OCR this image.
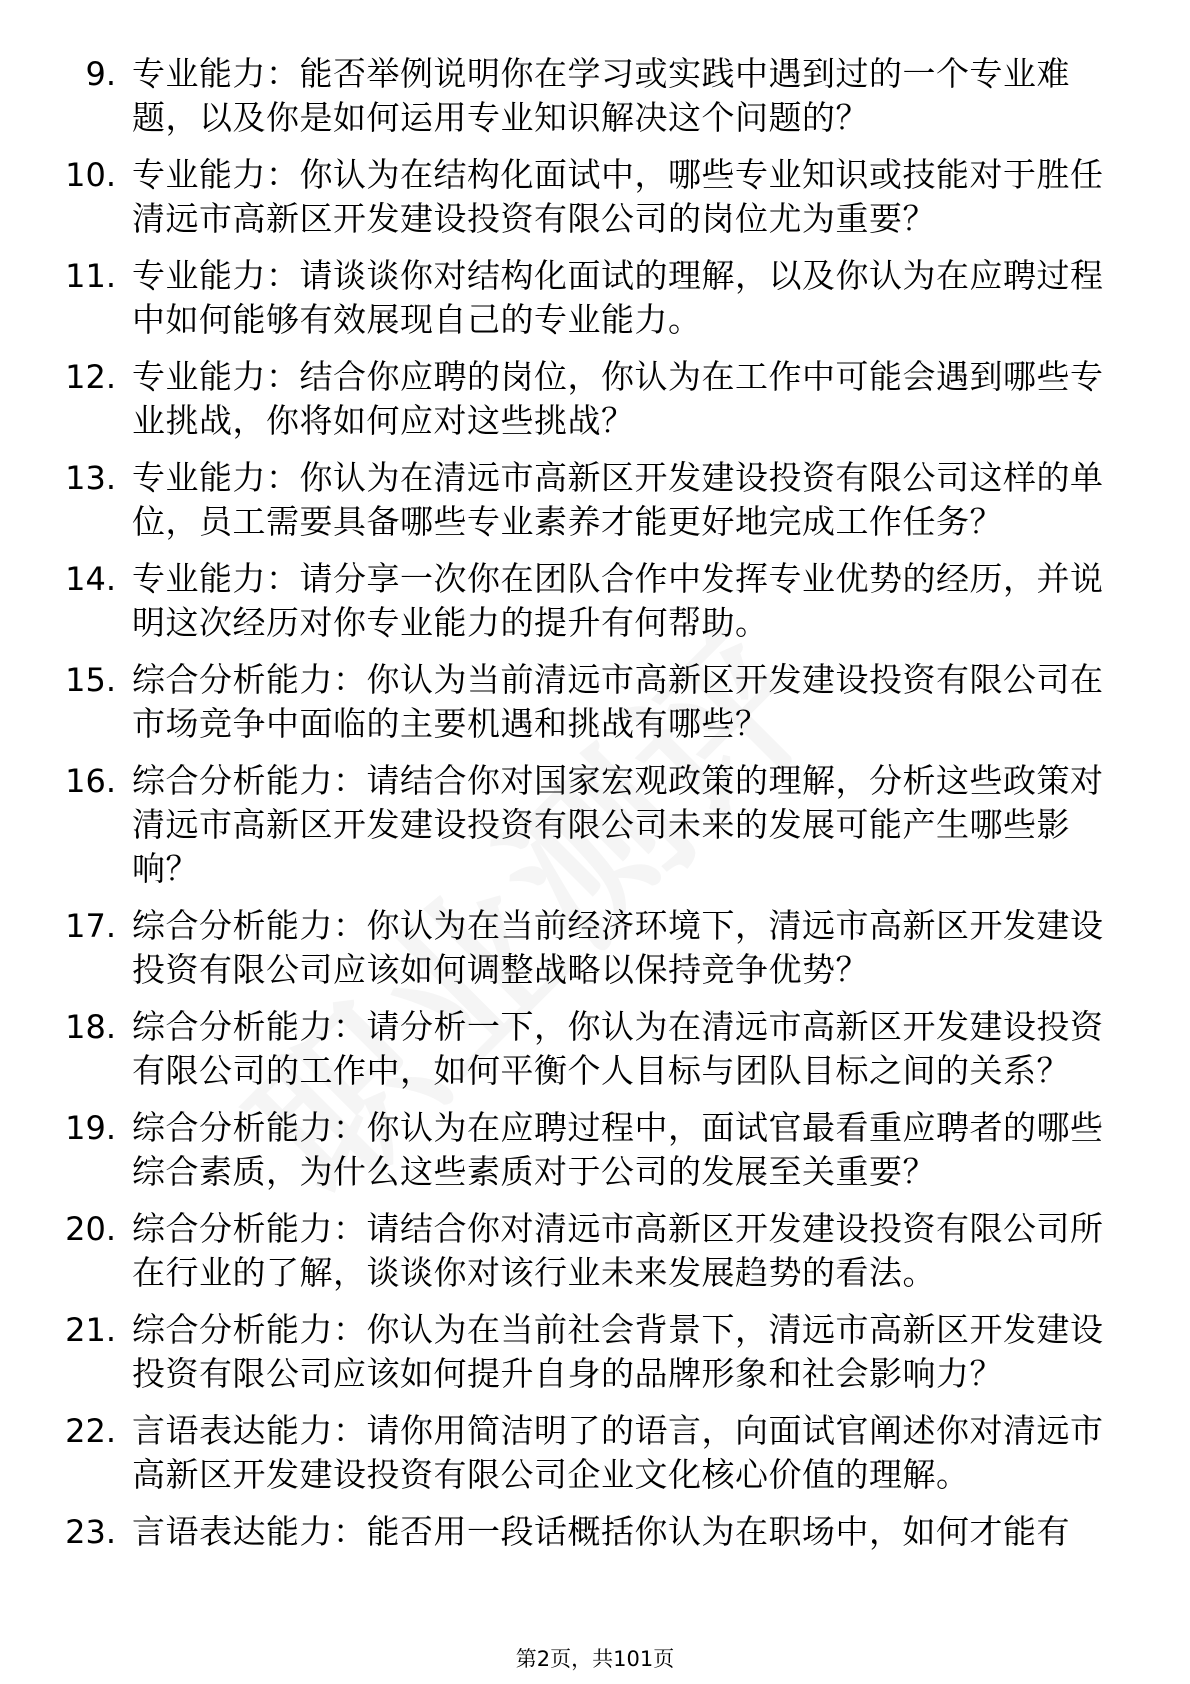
9. 专业能力：能否举例说明你在学习或实践中遇到过的一个专业难题，以及你是如何运用专业知识解决这个问题的？
10. 专业能力：你认为在结构化面试中，哪些专业知识或技能对于胜任清远市高新区开发建设投资有限公司的岗位尤为重要？
11. 专业能力：请谈谈你对结构化面试的理解，以及你认为在应聘过程中如何能够有效展现自己的专业能力。
12. 专业能力：结合你应聘的岗位，你认为在工作中可能会遇到哪些专业挑战，你将如何应对这些挑战？
13. 专业能力：你认为在清远市高新区开发建设投资有限公司这样的单位，员工需要具备哪些专业素养才能更好地完成工作任务？
14. 专业能力：请分享一次你在团队合作中发挥专业优势的经历，并说明这次经历对你专业能力的提升有何帮助。
15. 综合分析能力：你认为当前清远市高新区开发建设投资有限公司在市场竞争中面临的主要机遇和挑战有哪些？
16. 综合分析能力：请结合你对国家宏观政策的理解，分析这些政策对清远市高新区开发建设投资有限公司未来的发展可能产生哪些影响？
17. 综合分析能力：你认为在当前经济环境下，清远市高新区开发建设投资有限公司应该如何调整战略以保持竞争优势？
18. 综合分析能力：请分析一下，你认为在清远市高新区开发建设投资有限公司的工作中，如何平衡个人目标与团队目标之间的关系？
19. 综合分析能力：你认为在应聘过程中，面试官最看重应聘者的哪些综合素质，为什么这些素质对于公司的发展至关重要？
20. 综合分析能力：请结合你对清远市高新区开发建设投资有限公司所在行业的了解，谈谈你对该行业未来发展趋势的看法。
21. 综合分析能力：你认为在当前社会背景下，清远市高新区开发建设投资有限公司应该如何提升自身的品牌形象和社会影响力？
22. 言语表达能力：请你用简洁明了的语言，向面试官阐述你对清远市高新区开发建设投资有限公司企业文化核心价值的理解。
23. 言语表达能力：能否用一段话概括你认为在职场中，如何才能有
第2页，共101页
